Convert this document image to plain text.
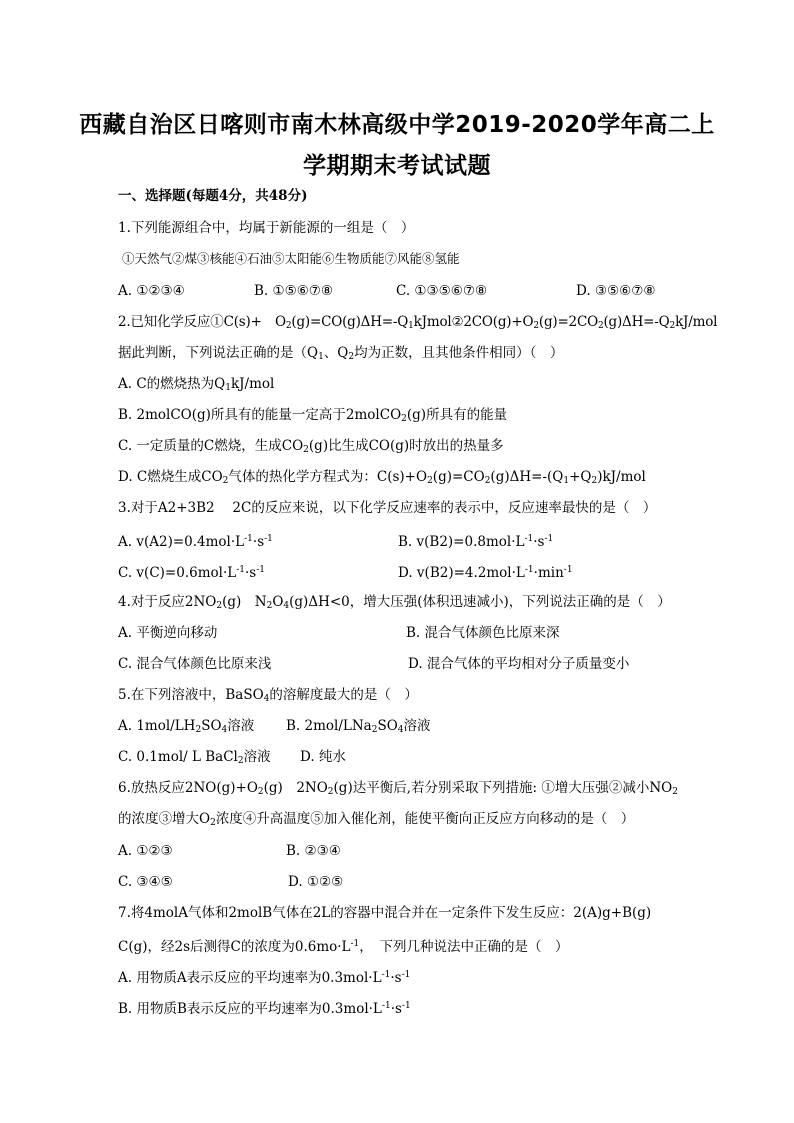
西藏自治区日喀则市南木林高级中学2019-2020学年高二上
学期期末考试试题
一、选择题(每题4分，共48分)
1.下列能源组合中，均属于新能源的一组是（　）
①天然气②煤③核能④石油⑤太阳能⑥生物质能⑦风能⑧氢能
A. ①②③④	B. ①⑤⑥⑦⑧	C. ①③⑤⑥⑦⑧	D. ③⑤⑥⑦⑧
2.已知化学反应①C(s)+　$O_2(g)=CO(g)\Delta H=-Q_1kJmol②2CO(g)+O_2(g)=2CO_2(g)\Delta H=-Q_2kJ$/mol
据此判断，下列说法正确的是（$Q_1$、$Q_2$均为正数，且其他条件相同）（　）
A. C的燃烧热为$Q_1kJ$/mol
B. 2molCO(g)所具有的能量一定高于2molCO$_2$(g)所具有的能量
C. 一定质量的C燃烧，生成$CO_2(g)$比生成CO(g)时放出的热量多
D. C燃烧生成$CO_2$气体的热化学方程式为：$C(s)+O_2(g)=CO_2(g)\Delta H=-(Q_1+Q_2)kJ$/mol
3.对于A2+3B2　 2C的反应来说，以下化学反应速率的表示中，反应速率最快的是（　）
A. $v(A2)=0.4mol\cdot L^{-1}\cdot s^{-1}$	B. $v(B2)=0.8mol\cdot L^{-1}\cdot s^{-1}$
C. $v(C)=0.6mol\cdot L^{-1}\cdot s^{-1}$	D. $v(B2)=4.2mol\cdot L^{-1}\cdot\min^{-1}$
4.对于反应$2NO_2(g)$　$N_2O_4(g)\Delta H<0$，增大压强(体积迅速减小)，下列说法正确的是（　）
A. 平衡逆向移动	B. 混合气体颜色比原来深
C. 混合气体颜色比原来浅	D. 混合气体的平均相对分子质量变小
5.在下列溶液中，BaSO$_4$的溶解度最大的是（　）
A. $1mol/LH_2SO_4$溶液 B. $2mol/LNa_2SO_4$溶液
C. 0.1mol/ L BaCl$_2$溶液 D. 纯水
6.放热反应$2NO(g)+O_2(g)$　$2NO_2(g)$达平衡后,若分别采取下列措施: ①增大压强②减小$NO_2$
的浓度③增大$O_2$浓度④升高温度⑤加入催化剂，能使平衡向正反应方向移动的是（　）
A. ①②③	B. ②③④
C. ③④⑤	D. ①②⑤
7.将4molA气体和2molB气体在2L的容器中混合并在一定条件下发生反应：2(A)g+B(g)
C(g)，经2s后测得C的浓度为$0.6mo\cdot L^{-1}$，　下列几种说法中正确的是（　）
A. 用物质A表示反应的平均速率为$0.3mol\cdot L^{-1}\cdot s^{-1}$
B. 用物质B表示反应的平均速率为$0.3mol\cdot L^{-1}\cdot s^{-1}$
